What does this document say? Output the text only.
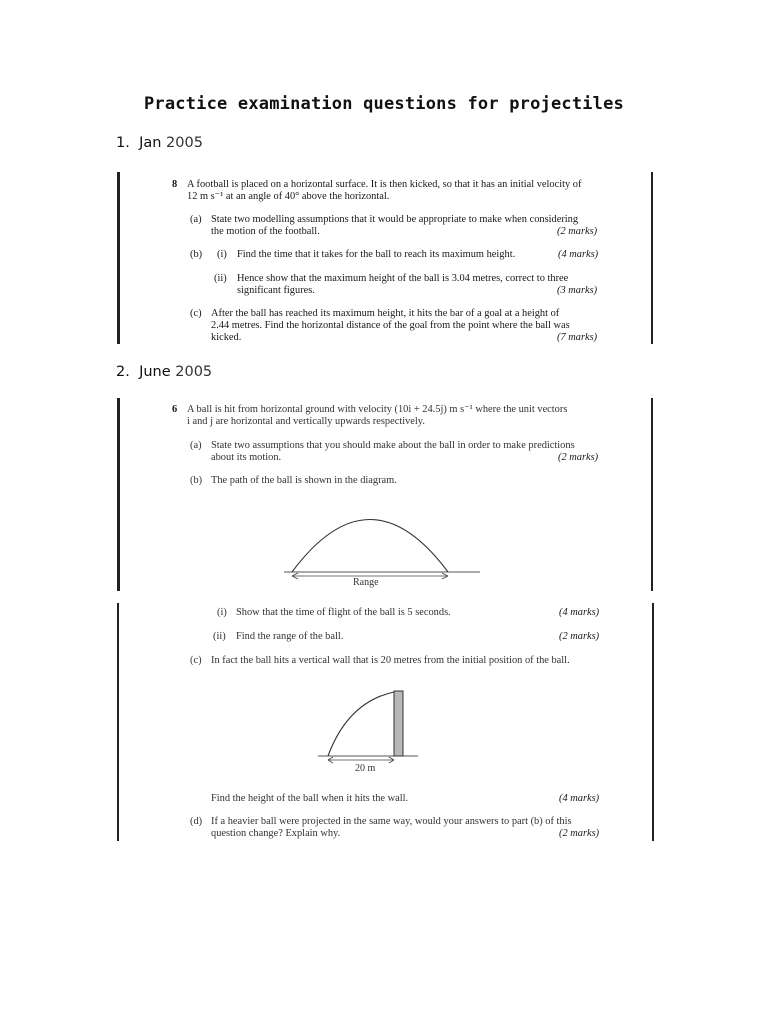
Practice examination questions for projectiles
1. Jan 2005
8 A football is placed on a horizontal surface. It is then kicked, so that it has an initial velocity of
12 m s⁻¹ at an angle of 40° above the horizontal.
(a) State two modelling assumptions that it would be appropriate to make when considering
the motion of the football.	(2 marks)
(b) (i) Find the time that it takes for the ball to reach its maximum height.	(4 marks)
(ii) Hence show that the maximum height of the ball is 3.04 metres, correct to three
significant figures.	(3 marks)
(c) After the ball has reached its maximum height, it hits the bar of a goal at a height of
2.44 metres. Find the horizontal distance of the goal from the point where the ball was
kicked.	(7 marks)
2. June 2005
6 A ball is hit from horizontal ground with velocity (10i + 24.5j) m s⁻¹ where the unit vectors
i and j are horizontal and vertically upwards respectively.
(a) State two assumptions that you should make about the ball in order to make predictions
about its motion.	(2 marks)
(b) The path of the ball is shown in the diagram.
Range
(i) Show that the time of flight of the ball is 5 seconds.	(4 marks)
(ii) Find the range of the ball.	(2 marks)
(c) In fact the ball hits a vertical wall that is 20 metres from the initial position of the ball.
20 m
Find the height of the ball when it hits the wall.	(4 marks)
(d) If a heavier ball were projected in the same way, would your answers to part (b) of this
question change? Explain why.	(2 marks)
